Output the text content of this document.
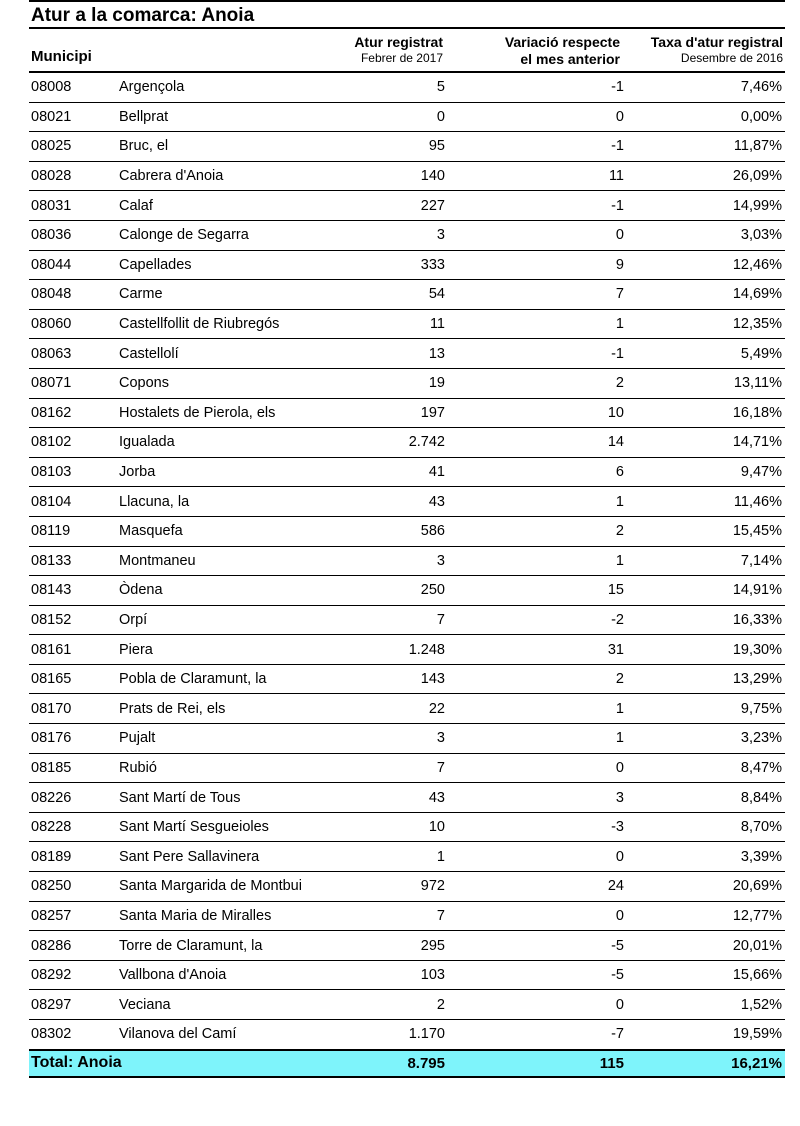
Atur a la comarca: Anoia
Municipi
Atur registrat
Febrer de 2017
Variació respecte
el mes anterior
Taxa d'atur registral
Desembre de 2016
08008	Argençola	5	-1	7,46%
08021	Bellprat	0	0	0,00%
08025	Bruc, el	95	-1	11,87%
08028	Cabrera d'Anoia	140	11	26,09%
08031	Calaf	227	-1	14,99%
08036	Calonge de Segarra	3	0	3,03%
08044	Capellades	333	9	12,46%
08048	Carme	54	7	14,69%
08060	Castellfollit de Riubregós	11	1	12,35%
08063	Castellolí	13	-1	5,49%
08071	Copons	19	2	13,11%
08162	Hostalets de Pierola, els	197	10	16,18%
08102	Igualada	2.742	14	14,71%
08103	Jorba	41	6	9,47%
08104	Llacuna, la	43	1	11,46%
08119	Masquefa	586	2	15,45%
08133	Montmaneu	3	1	7,14%
08143	Òdena	250	15	14,91%
08152	Orpí	7	-2	16,33%
08161	Piera	1.248	31	19,30%
08165	Pobla de Claramunt, la	143	2	13,29%
08170	Prats de Rei, els	22	1	9,75%
08176	Pujalt	3	1	3,23%
08185	Rubió	7	0	8,47%
08226	Sant Martí de Tous	43	3	8,84%
08228	Sant Martí Sesgueioles	10	-3	8,70%
08189	Sant Pere Sallavinera	1	0	3,39%
08250	Santa Margarida de Montbui	972	24	20,69%
08257	Santa Maria de Miralles	7	0	12,77%
08286	Torre de Claramunt, la	295	-5	20,01%
08292	Vallbona d'Anoia	103	-5	15,66%
08297	Veciana	2	0	1,52%
08302	Vilanova del Camí	1.170	-7	19,59%
Total: Anoia		8.795	115	16,21%
